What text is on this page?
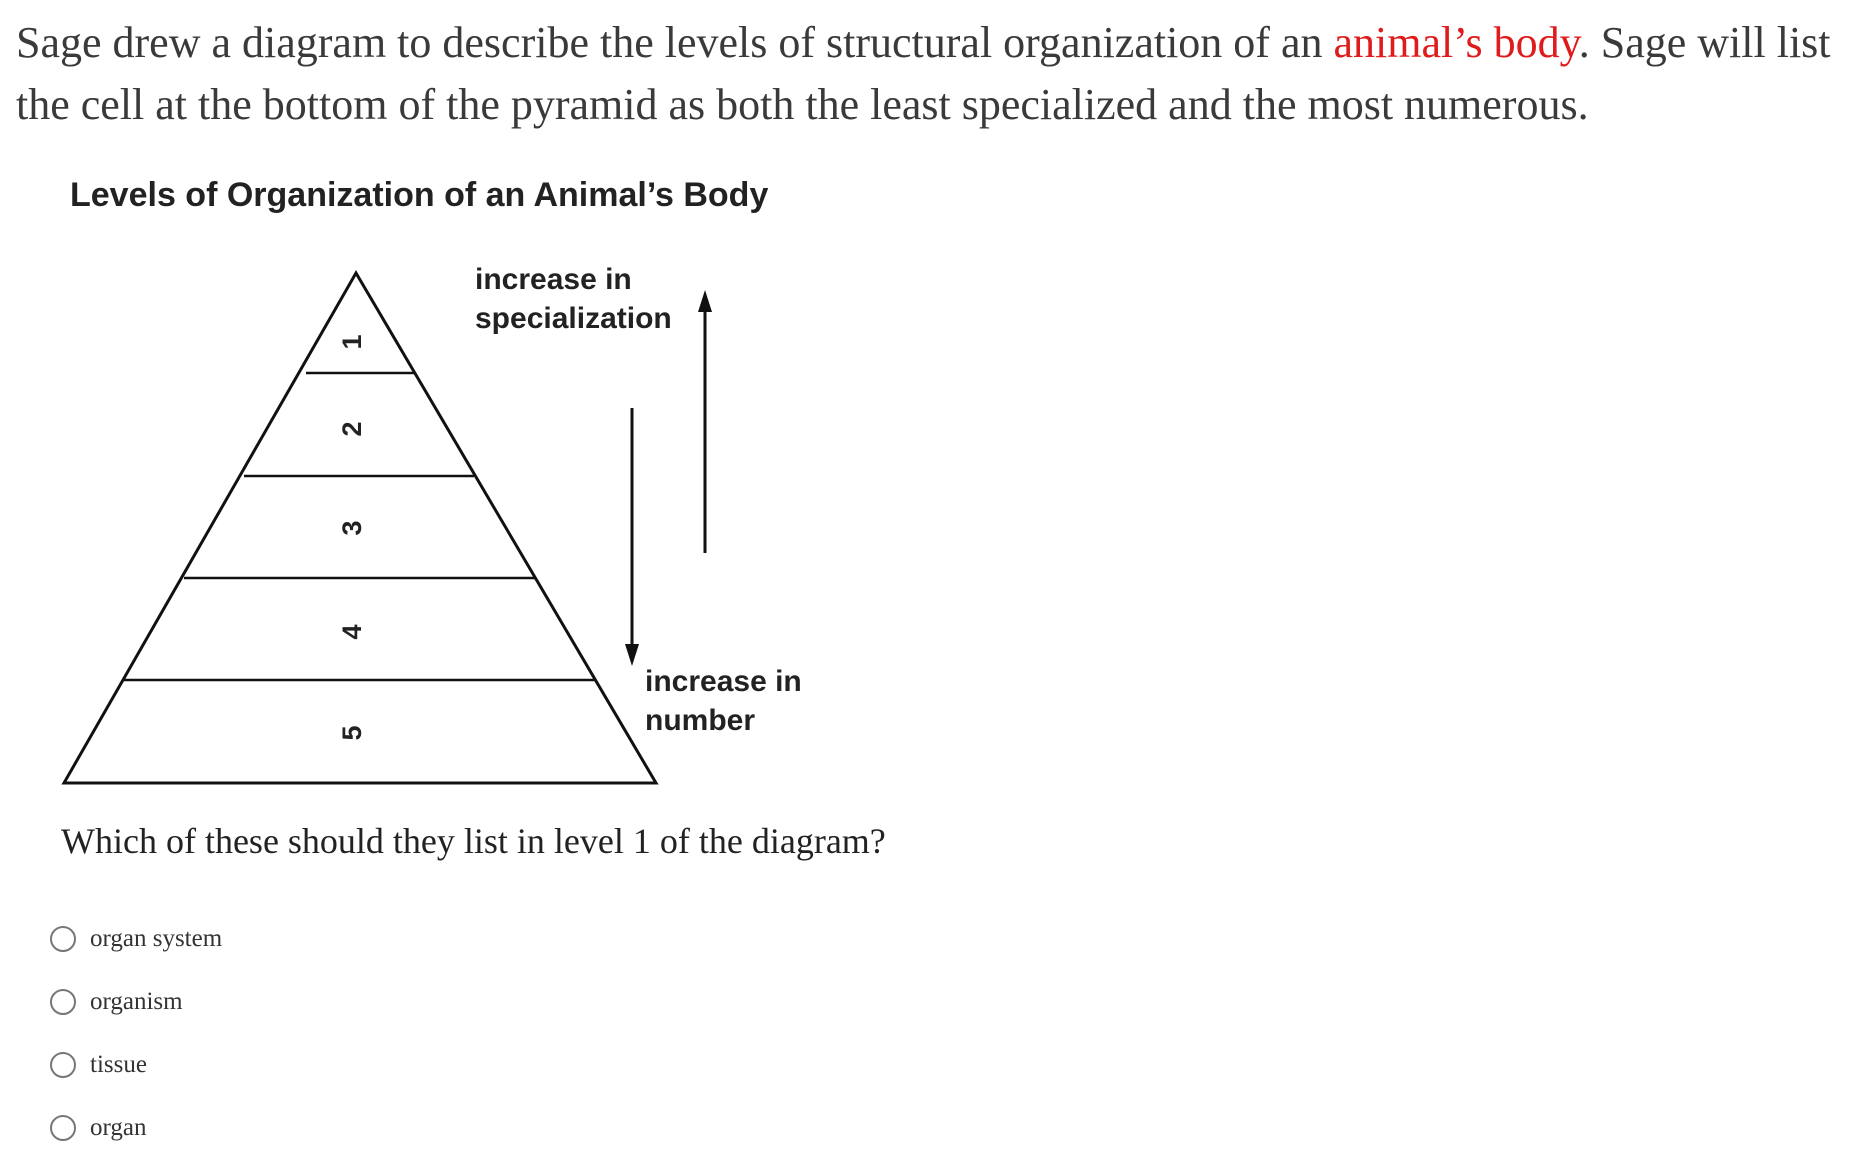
Sage drew a diagram to describe the levels of structural organization of an animal’s body. Sage will list the cell at the bottom of the pyramid as both the least specialized and the most numerous.
Levels of Organization of an Animal’s Body
1
2
3
4
5
increase in
specialization
increase in
number
Which of these should they list in level 1 of the diagram?
organ system
organism
tissue
organ
